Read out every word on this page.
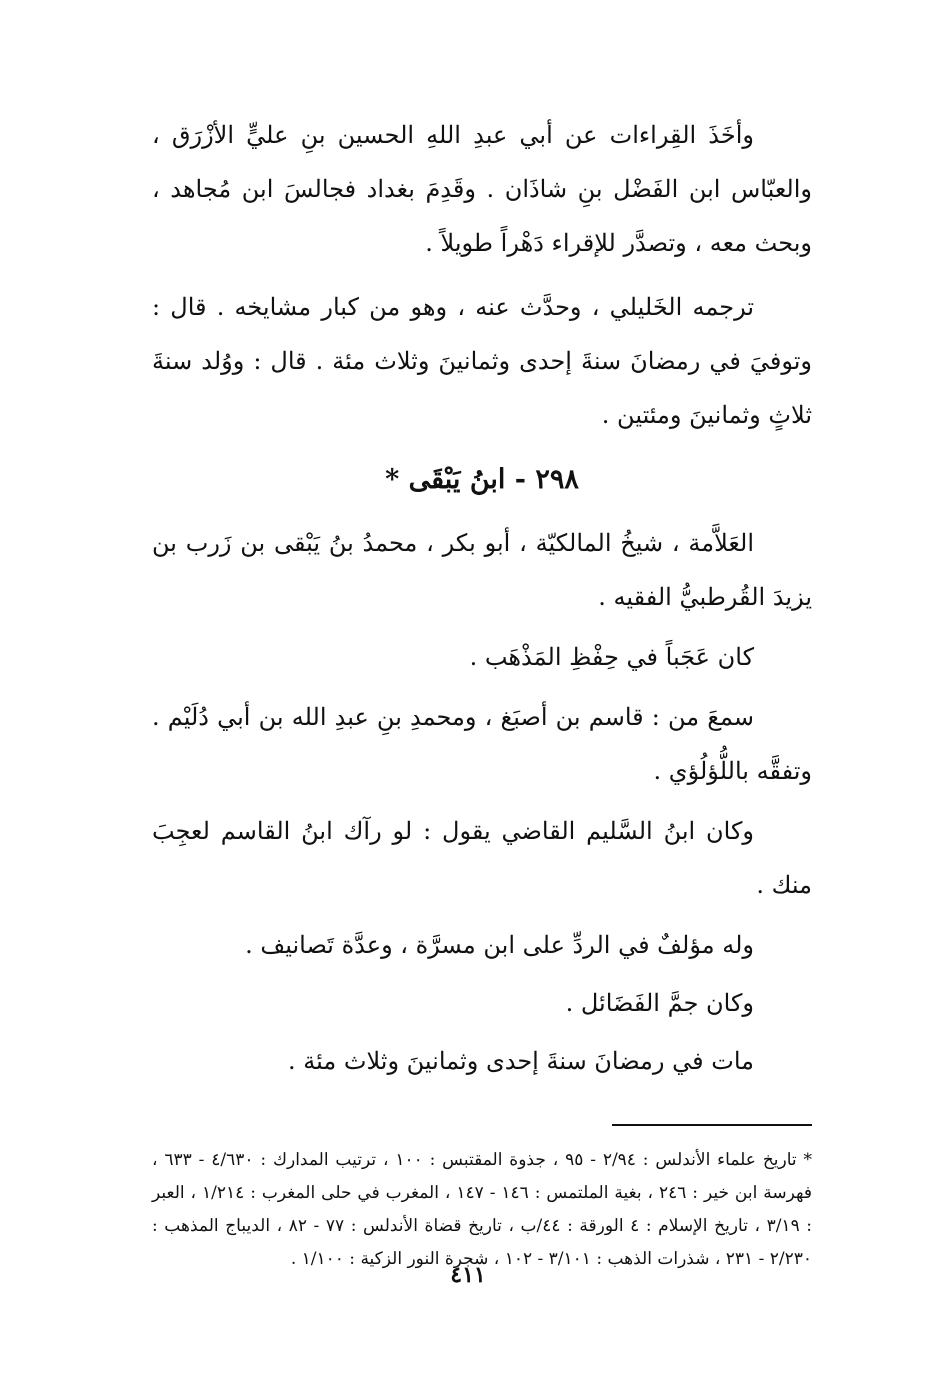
وأخَذَ القِراءات عن أبي عبدِ اللهِ الحسين بنِ عليٍّ الأزْرَق ، والعبّاس ابن الفَضْل بنِ شاذَان . وقَدِمَ بغداد فجالسَ ابن مُجاهد ، وبحث معه ، وتصدَّر للإقراء دَهْراً طويلاً .

ترجمه الخَليلي ، وحدَّث عنه ، وهو من كبار مشايخه . قال : وتوفيَ في رمضانَ سنةَ إحدى وثمانينَ وثلاث مئة . قال : ووُلد سنةَ ثلاثٍ وثمانينَ ومئتين .

٢٩٨ - ابنُ يَبْقَى *

العَلاَّمة ، شيخُ المالكيّة ، أبو بكر ، محمدُ بنُ يَبْقى بن زَرب بن يزيدَ القُرطبيُّ الفقيه .

كان عَجَباً في حِفْظِ المَذْهَب .

سمعَ من : قاسم بن أصبَغ ، ومحمدِ بنِ عبدِ الله بن أبي دُلَيْم . وتفقَّه باللُّؤلُؤي .

وكان ابنُ السَّليم القاضي يقول : لو رآك ابنُ القاسم لعجِبَ منك .

وله مؤلفٌ في الردِّ على ابن مسرَّة ، وعدَّة تَصانيف .

وكان جمَّ الفَضَائل .

مات في رمضانَ سنةَ إحدى وثمانينَ وثلاث مئة .

* تاريخ علماء الأندلس : ٢/٩٤ - ٩٥ ، جذوة المقتبس : ١٠٠ ، ترتيب المدارك : ٤/٦٣٠ - ٦٣٣ ، فهرسة ابن خير : ٢٤٦ ، بغية الملتمس : ١٤٦ - ١٤٧ ، المغرب في حلى المغرب : ١/٢١٤ ، العبر : ٣/١٩ ، تاريخ الإسلام : ٤ الورقة : ٤٤/ب ، تاريخ قضاة الأندلس : ٧٧ - ٨٢ ، الديباج المذهب : ٢/٢٣٠ - ٢٣١ ، شذرات الذهب : ٣/١٠١ - ١٠٢ ، شجرة النور الزكية : ١/١٠٠ .

٤١١
